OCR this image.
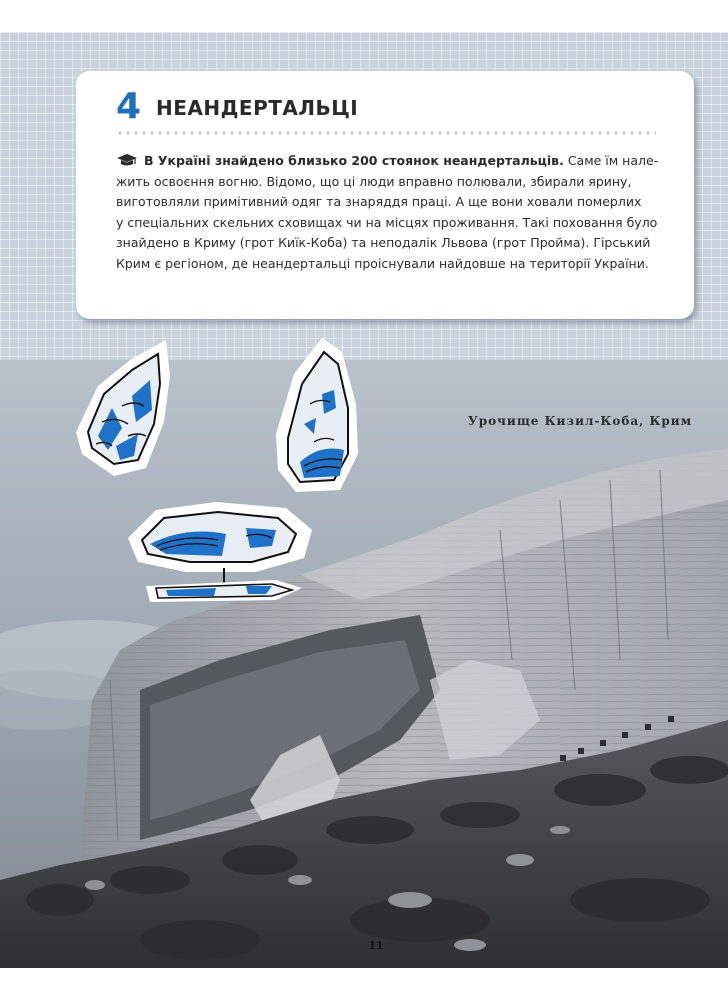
4 НЕАНДЕРТАЛЬЦІ
В Україні знайдено близько 200 стоянок неандертальців. Саме їм нале-
жить освоєння вогню. Відомо, що ці люди вправно полювали, збирали ярину,
виготовляли примітивний одяг та знаряддя праці. А ще вони ховали померлих
у спеціальних скельних сховищах чи на місцях проживання. Такі поховання було
знайдено в Криму (грот Киїк-Коба) та неподалік Львова (грот Пройма). Гірський
Крим є регіоном, де неандертальці проіснували найдовше на території України.
Урочище Кизил-Коба, Крим
11
